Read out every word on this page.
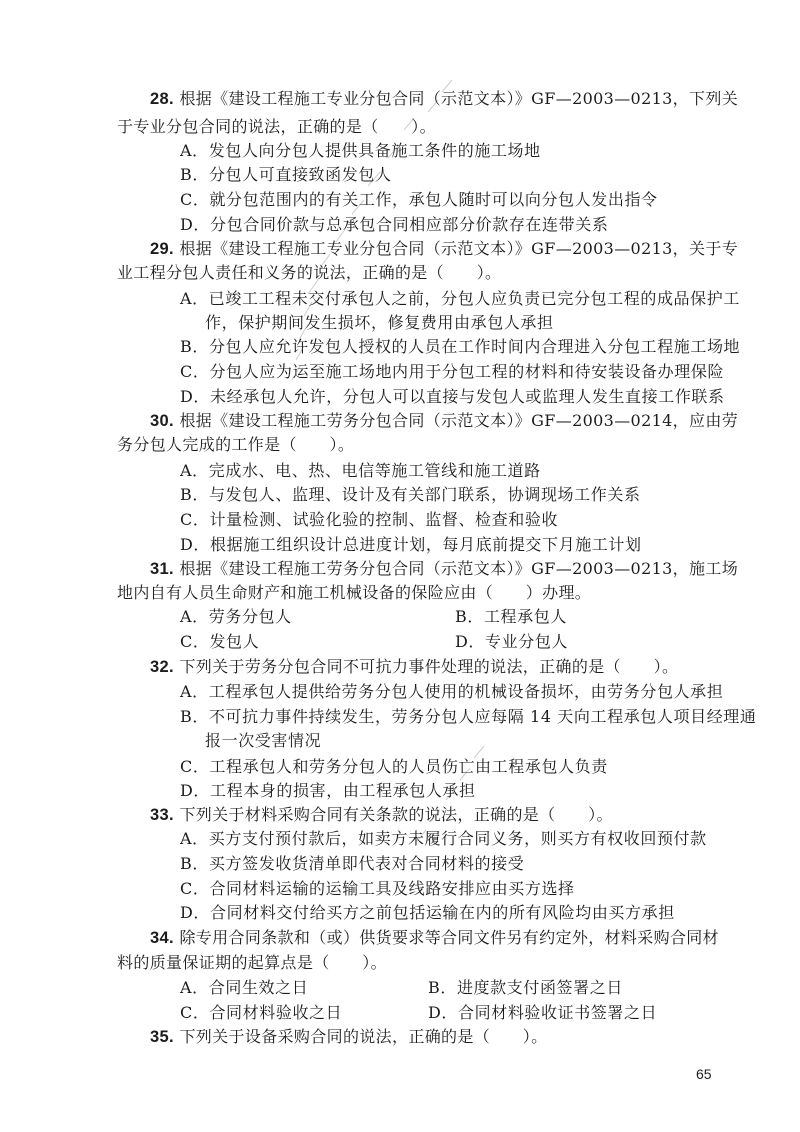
28. 根据《建设工程施工专业分包合同（示范文本）》GF—2003—0213，下列关
于专业分包合同的说法，正确的是（　　）。
A．发包人向分包人提供具备施工条件的施工场地
B．分包人可直接致函发包人
C．就分包范围内的有关工作，承包人随时可以向分包人发出指令
D．分包合同价款与总承包合同相应部分价款存在连带关系
29. 根据《建设工程施工专业分包合同（示范文本）》GF—2003—0213，关于专
业工程分包人责任和义务的说法，正确的是（　　）。
A．已竣工工程未交付承包人之前，分包人应负责已完分包工程的成品保护工
作，保护期间发生损坏，修复费用由承包人承担
B．分包人应允许发包人授权的人员在工作时间内合理进入分包工程施工场地
C．分包人应为运至施工场地内用于分包工程的材料和待安装设备办理保险
D．未经承包人允许，分包人可以直接与发包人或监理人发生直接工作联系
30. 根据《建设工程施工劳务分包合同（示范文本）》GF—2003—0214，应由劳
务分包人完成的工作是（　　）。
A．完成水、电、热、电信等施工管线和施工道路
B．与发包人、监理、设计及有关部门联系，协调现场工作关系
C．计量检测、试验化验的控制、监督、检查和验收
D．根据施工组织设计总进度计划，每月底前提交下月施工计划
31. 根据《建设工程施工劳务分包合同（示范文本）》GF—2003—0213，施工场
地内自有人员生命财产和施工机械设备的保险应由（　　）办理。
A．劳务分包人	B．工程承包人
C．发包人	D．专业分包人
32. 下列关于劳务分包合同不可抗力事件处理的说法，正确的是（　　）。
A．工程承包人提供给劳务分包人使用的机械设备损坏，由劳务分包人承担
B．不可抗力事件持续发生，劳务分包人应每隔 14 天向工程承包人项目经理通
报一次受害情况
C．工程承包人和劳务分包人的人员伤亡由工程承包人负责
D．工程本身的损害，由工程承包人承担
33. 下列关于材料采购合同有关条款的说法，正确的是（　　）。
A．买方支付预付款后，如卖方未履行合同义务，则买方有权收回预付款
B．买方签发收货清单即代表对合同材料的接受
C．合同材料运输的运输工具及线路安排应由买方选择
D．合同材料交付给买方之前包括运输在内的所有风险均由买方承担
34. 除专用合同条款和（或）供货要求等合同文件另有约定外，材料采购合同材
料的质量保证期的起算点是（　　）。
A．合同生效之日	B．进度款支付函签署之日
C．合同材料验收之日	D．合同材料验收证书签署之日
35. 下列关于设备采购合同的说法，正确的是（　　）。
65
